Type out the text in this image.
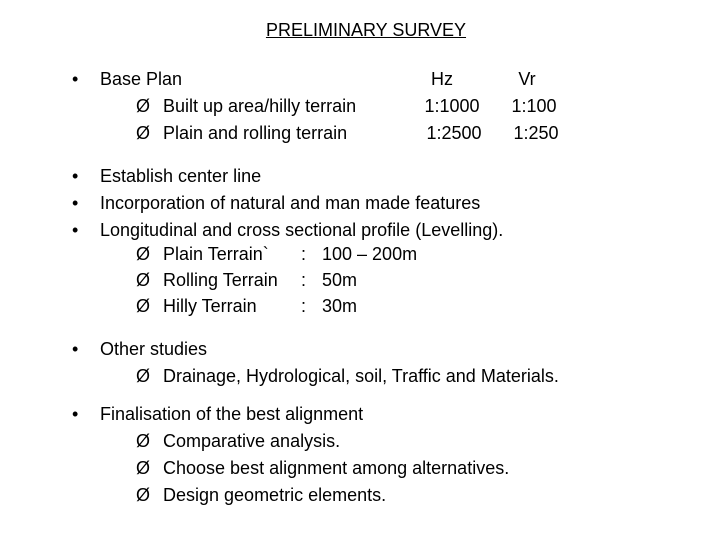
PRELIMINARY SURVEY
• Base Plan	Hz	Vr
Ø Built up area/hilly terrain	1:1000	1:100
Ø Plain and rolling terrain	1:2500	1:250
• Establish center line
• Incorporation of natural and man made features
• Longitudinal and cross sectional profile (Levelling).
Ø Plain Terrain` : 100 – 200m
Ø Rolling Terrain : 50m
Ø Hilly Terrain : 30m
• Other studies
Ø Drainage, Hydrological, soil, Traffic and Materials.
• Finalisation of the best alignment
Ø Comparative analysis.
Ø Choose best alignment among alternatives.
Ø Design geometric elements.
